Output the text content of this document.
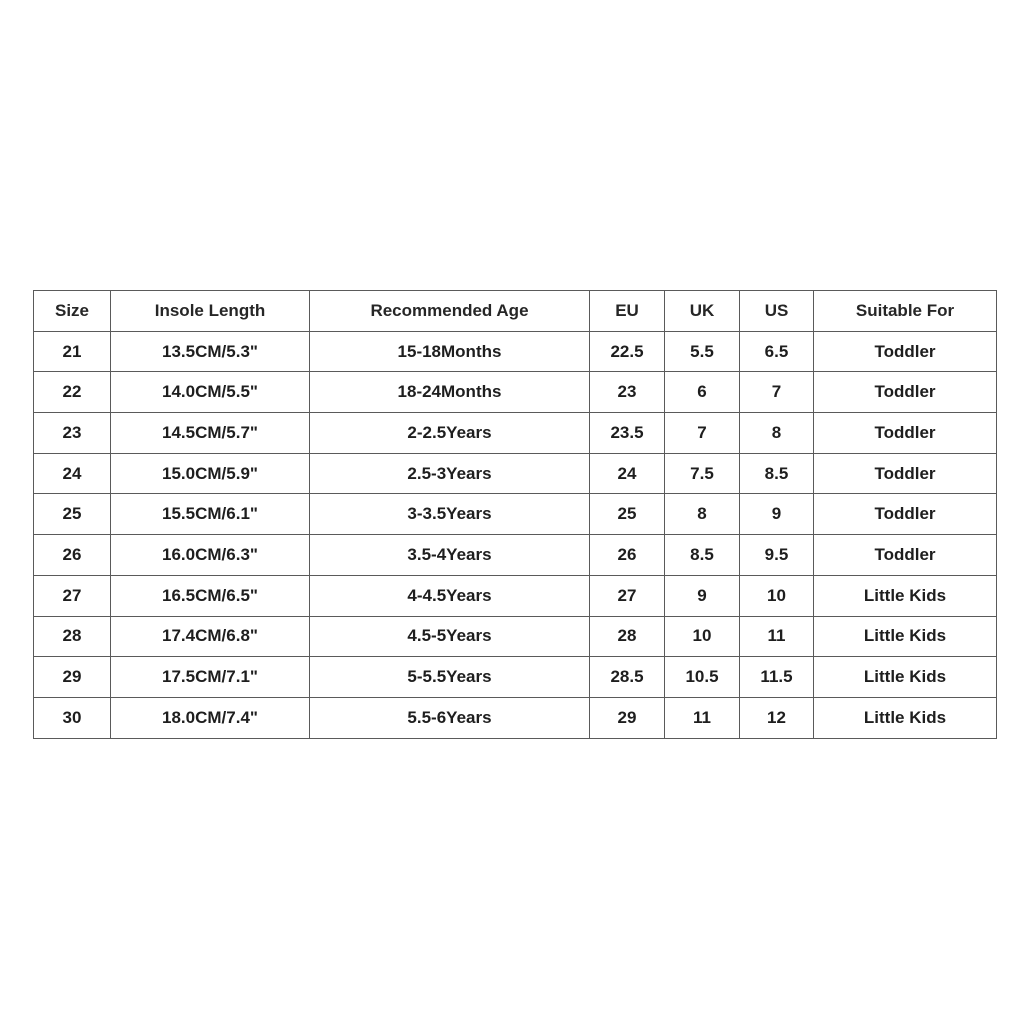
Size	Insole Length	Recommended Age	EU	UK	US	Suitable For
21	13.5CM/5.3"	15-18Months	22.5	5.5	6.5	Toddler
22	14.0CM/5.5"	18-24Months	23	6	7	Toddler
23	14.5CM/5.7"	2-2.5Years	23.5	7	8	Toddler
24	15.0CM/5.9"	2.5-3Years	24	7.5	8.5	Toddler
25	15.5CM/6.1"	3-3.5Years	25	8	9	Toddler
26	16.0CM/6.3"	3.5-4Years	26	8.5	9.5	Toddler
27	16.5CM/6.5"	4-4.5Years	27	9	10	Little Kids
28	17.4CM/6.8"	4.5-5Years	28	10	11	Little Kids
29	17.5CM/7.1"	5-5.5Years	28.5	10.5	11.5	Little Kids
30	18.0CM/7.4"	5.5-6Years	29	11	12	Little Kids
